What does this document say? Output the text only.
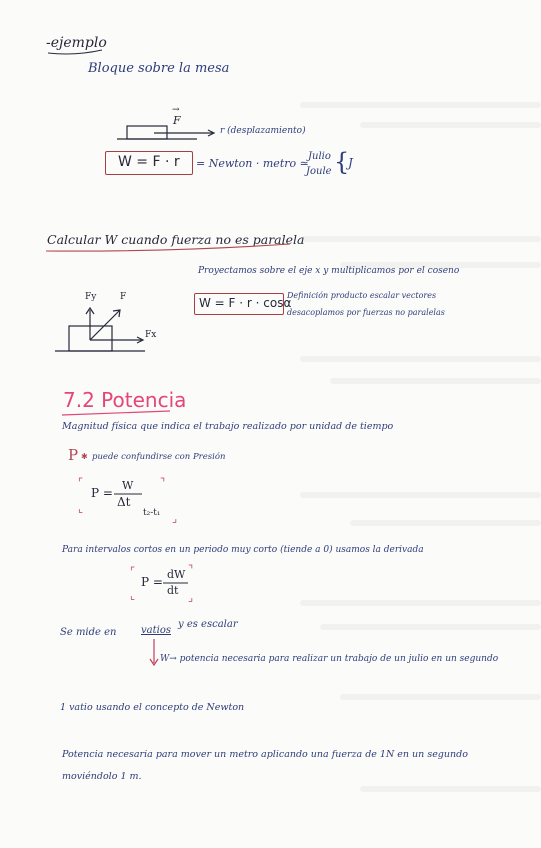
-ejemplo
Bloque sobre la mesa
F
→
r (desplazamiento)
W = F · r = Newton · metro ≃
Julio
Joule {
J
Calcular W cuando fuerza no es paralela
Proyectamos sobre el eje x y multiplicamos por el coseno
Fy	F
Fx
W = F · r · cosα
Definición producto escalar vectores
desacoplamos por fuerzas no paralelas
7.2 Potencia
Magnitud física que indica el trabajo realizado por unidad de tiempo
P ✱ puede confundirse con Presión
⌜	⌝
⌞
⌟
P =
W
Δt
t₂-t₁
Para intervalos cortos en un periodo muy corto (tiende a 0) usamos la derivada
⌜	⌝
⌞	⌟
P =
dW
dt
Se mide en vatios
y es escalar
W→ potencia necesaria para realizar un trabajo de un julio en un segundo
1 vatio usando el concepto de Newton
Potencia necesaria para mover un metro aplicando una fuerza de 1N en un segundo
moviéndolo 1 m.
